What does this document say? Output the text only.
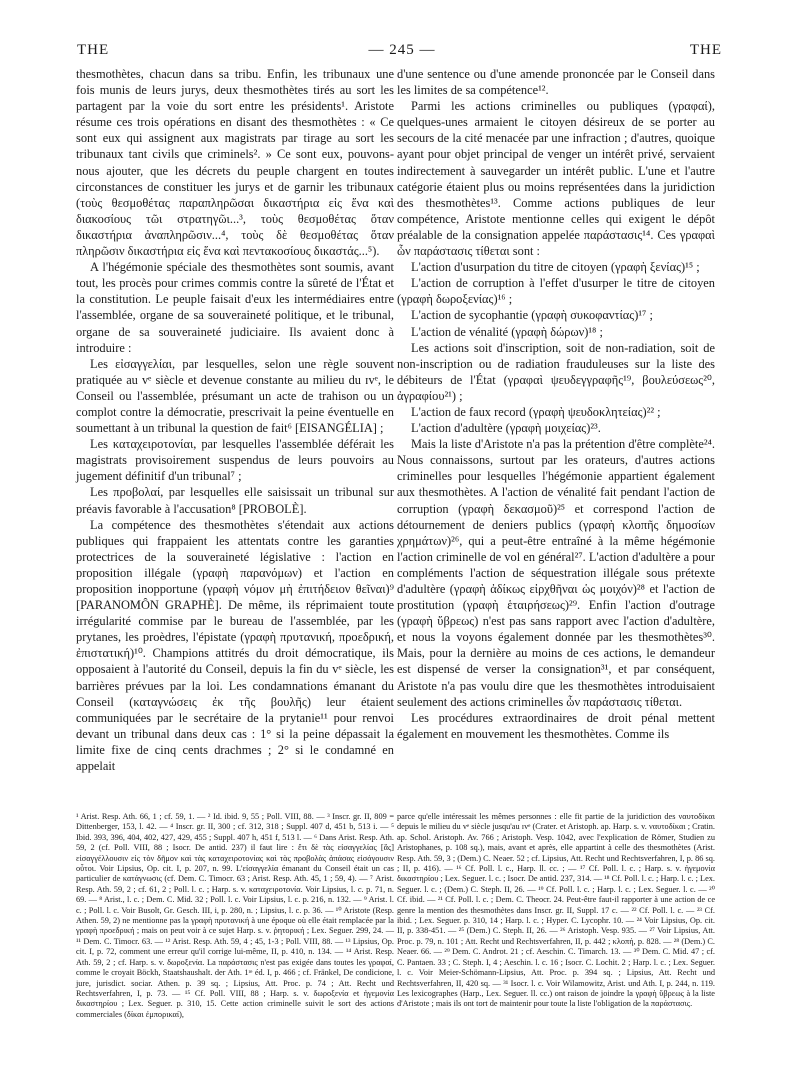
THE	— 245 —	THE

thesmothètes, chacun dans sa tribu. Enfin, les tribunaux une fois munis de leurs jurys, deux thesmothètes tirés au sort les partagent par la voie du sort entre les présidents¹. Aristote résume ces trois opérations en disant des thesmothètes : « Ce sont eux qui assignent aux magistrats par tirage au sort les tribunaux tant civils que criminels². » Ce sont eux, pouvons-nous ajouter, que les décrets du peuple chargent en toutes circonstances de constituer les jurys et de garnir les tribunaux (τοὺς θεσμοθέτας παραπληρῶσαι δικαστήρια εἰς ἕνα καὶ διακοσίους τῶι στρατηγῶι...³, τοὺς θεσμοθέτας ὅταν δικαστήρια ἀναπληρῶσιν...⁴, τοὺς δὲ θεσμοθέτας ὅταν πληρῶσιν δικαστήρια εἰς ἕνα καὶ πεντακοσίους δικαστάς...⁵).

A l'hégémonie spéciale des thesmothètes sont soumis, avant tout, les procès pour crimes commis contre la sûreté de l'État et la constitution. Le peuple faisait d'eux les intermédiaires entre l'assemblée, organe de sa souveraineté politique, et le tribunal, organe de sa souveraineté judiciaire. Ils avaient donc à introduire :

Les εἰσαγγελίαι, par lesquelles, selon une règle souvent pratiquée au vᵉ siècle et devenue constante au milieu du ɪᴠᵉ, le Conseil ou l'assemblée, présumant un acte de trahison ou un complot contre la démocratie, prescrivait la peine éventuelle en soumettant à un tribunal la question de fait⁶ [EISANGÉLIA] ;

Les καταχειροτονίαι, par lesquelles l'assemblée déférait les magistrats provisoirement suspendus de leurs pouvoirs au jugement définitif d'un tribunal⁷ ;

Les προβολαί, par lesquelles elle saisissait un tribunal sur préavis favorable à l'accusation⁸ [PROBOLÈ].

La compétence des thesmothètes s'étendait aux actions publiques qui frappaient les attentats contre les garanties protectrices de la souveraineté législative : l'action en proposition illégale (γραφὴ παρανόμων) et l'action en proposition inopportune (γραφὴ νόμον μὴ ἐπιτήδειον θεῖναι)⁹ [PARANOMÔN GRAPHÈ]. De même, ils réprimaient toute irrégularité commise par le bureau de l'assemblée, par les prytanes, les proèdres, l'épistate (γραφὴ πρυτανική, προεδρική, ἐπιστατική)¹⁰. Champions attitrés du droit démocratique, ils opposaient à l'autorité du Conseil, depuis la fin du vᵉ siècle, les barrières prévues par la loi. Les condamnations émanant du Conseil (καταγνώσεις ἐκ τῆς βουλῆς) leur étaient communiquées par le secrétaire de la prytanie¹¹ pour renvoi devant un tribunal dans deux cas : 1° si la peine dépassait la limite fixe de cinq cents drachmes ; 2° si le condamné en appelait

d'une sentence ou d'une amende prononcée par le Conseil dans les limites de sa compétence¹².

Parmi les actions criminelles ou publiques (γραφαί), quelques-unes armaient le citoyen désireux de se porter au secours de la cité menacée par une infraction ; d'autres, quoique ayant pour objet principal de venger un intérêt privé, servaient indirectement à sauvegarder un intérêt public. L'une et l'autre catégorie étaient plus ou moins représentées dans la juridiction des thesmothètes¹³. Comme actions publiques de leur compétence, Aristote mentionne celles qui exigent le dépôt préalable de la consignation appelée παράστασις¹⁴. Ces γραφαὶ ὧν παράστασις τίθεται sont :

L'action d'usurpation du titre de citoyen (γραφὴ ξενίας)¹⁵ ;

L'action de corruption à l'effet d'usurper le titre de citoyen (γραφὴ δωροξενίας)¹⁶ ;

L'action de sycophantie (γραφὴ συκοφαντίας)¹⁷ ;

L'action de vénalité (γραφὴ δώρων)¹⁸ ;

Les actions soit d'inscription, soit de non-radiation, soit de non-inscription ou de radiation frauduleuses sur la liste des débiteurs de l'État (γραφαὶ ψευδεγγραφῆς¹⁹, βουλεύσεως²⁰, ἀγραφίου²¹) ;

L'action de faux record (γραφὴ ψευδοκλητείας)²² ;

L'action d'adultère (γραφὴ μοιχείας)²³.

Mais la liste d'Aristote n'a pas la prétention d'être complète²⁴. Nous connaissons, surtout par les orateurs, d'autres actions criminelles pour lesquelles l'hégémonie appartient également aux thesmothètes. A l'action de vénalité fait pendant l'action de corruption (γραφὴ δεκασμοῦ)²⁵ et correspond l'action de détournement de deniers publics (γραφὴ κλοπῆς δημοσίων χρημάτων)²⁶, qui a peut-être entraîné à la même hégémonie l'action criminelle de vol en général²⁷. L'action d'adultère a pour compléments l'action de séquestration illégale sous prétexte d'adultère (γραφὴ ἀδίκως εἰρχθῆναι ὡς μοιχόν)²⁸ et l'action de prostitution (γραφὴ ἑταιρήσεως)²⁹. Enfin l'action d'outrage (γραφὴ ὕβρεως) n'est pas sans rapport avec l'action d'adultère, et nous la voyons également donnée par les thesmothètes³⁰. Mais, pour la dernière au moins de ces actions, le demandeur est dispensé de verser la consignation³¹, et par conséquent, Aristote n'a pas voulu dire que les thesmothètes introduisaient seulement des actions criminelles ὧν παράστασις τίθεται.

Les procédures extraordinaires de droit pénal mettent également en mouvement les thesmothètes. Comme ils

¹ Arist. Resp. Ath. 66, 1 ; cf. 59, 1. — ² Id. ibid. 9, 55 ; Poll. VIII, 88. — ³ Inscr. gr. II, 809 = Dittenberger, 153, l. 42. — ⁴ Inscr. gr. II, 300 ; cf. 312, 318 ; Suppl. 407 d, 451 b, 513 i. — ⁵ Ibid. 393, 396, 404, 402, 427, 429, 455 ; Suppl. 407 h, 451 f, 513 l. — ⁶ Dans Arist. Resp. Ath. 59, 2 (cf. Poll. VIII, 88 ; Isocr. De antid. 237) il faut lire : ἔτι δὲ τὰς εἰσαγγελίας [ἃς] εἰσαγγέλλουσιν εἰς τὸν δῆμον καὶ τὰς καταχειροτονίας καὶ τὰς προβολὰς ἁπάσας εἰσάγουσιν οὗτοι. Voir Lipsius, Op. cit. I, p. 207, n. 99. L'εἰσαγγελία émanant du Conseil était un cas particulier de κατάγνωσις (cf. Dem. C. Timocr. 63 ; Arist. Resp. Ath. 45, 1 ; 59, 4). — ⁷ Arist. Resp. Ath. 59, 2 ; cf. 61, 2 ; Poll. l. c. ; Harp. s. v. καταχειροτονία. Voir Lipsius, l. c. p. 71, n. 69. — ⁸ Arist., l. c. ; Dem. C. Mid. 32 ; Poll. l. c. Voir Lipsius, l. c. p. 216, n. 132. — ⁹ Arist. l. c. ; Poll. l. c. Voir Busolt, Gr. Gesch. III, i, p. 280, n. ; Lipsius, l. c. p. 36. — ¹⁰ Aristote (Resp. Athen. 59, 2) ne mentionne pas la γραφὴ πρυτανική à une époque où elle était remplacée par la γραφὴ προεδρική ; mais on peut voir à ce sujet Harp. s. v. ῥητορική ; Lex. Seguer. 299, 24. — ¹¹ Dem. C. Timocr. 63. — ¹² Arist. Resp. Ath. 59, 4 ; 45, 1-3 ; Poll. VIII, 88. — ¹³ Lipsius, Op. cit. I, p. 72, comment une erreur qu'il corrige lui-même, II, p. 410, n. 134. — ¹⁴ Arist. Resp. Ath. 59, 2 ; cf. Harp. s. v. δωροξενία. La παράστασις n'est pas exigée dans toutes les γραφαί, comme le croyait Böckh, Staatshaushalt. der Ath. 1ʳᵉ éd. I, p. 466 ; cf. Fränkel, De condicione, jure, jurisdict. sociar. Athen. p. 39 sq. ; Lipsius, Att. Proc. p. 74 ; Att. Recht und Rechtsverfahren, I, p. 73. — ¹⁵ Cf. Poll. VIII, 88 ; Harp. s. v. δωροξενία et ἡγεμονία δικαστηρίου ; Lex. Seguer. p. 310, 15. Cette action criminelle suivit le sort des actions commerciales (δίκαι ἐμπορικαί),

parce qu'elle intéressait les mêmes personnes : elle fit partie de la juridiction des ναυτοδίκαι depuis le milieu du vᵉ siècle jusqu'au ɪᴠᵉ (Crater. et Aristoph. ap. Harp. s. v. ναυτοδίκαι ; Cratin. ap. Schol. Aristoph. Av. 766 ; Aristoph. Vesp. 1042, avec l'explication de Römer, Studien zu Aristophanes, p. 108 sq.), mais, avant et après, elle appartint à celle des thesmothètes (Arist. Resp. Ath. 59, 3 ; (Dem.) C. Neaer. 52 ; cf. Lipsius, Att. Recht und Rechtsverfahren, I, p. 86 sq. ; II, p. 416). — ¹⁶ Cf. Poll. l. c., Harp. ll. cc. ; — ¹⁷ Cf. Poll. l. c. ; Harp. s. v. ἡγεμονία δικαστηρίου ; Lex. Seguer. l. c. ; Isocr. De antid. 237, 314. — ¹⁸ Cf. Poll. l. c. ; Harp. l. c. ; Lex. Seguer. l. c. ; (Dem.) C. Steph. II, 26. — ¹⁹ Cf. Poll. l. c. ; Harp. l. c. ; Lex. Seguer. l. c. — ²⁰ Cf. ibid. — ²¹ Cf. Poll. l. c. ; Dem. C. Theocr. 24. Peut-être faut-il rapporter à une action de ce genre la mention des thesmothètes dans Inscr. gr. II, Suppl. 17 c. — ²² Cf. Poll. l. c. — ²³ Cf. ibid. ; Lex. Seguer. p. 310, 14 ; Harp. l. c. ; Hyper. C. Lycophr. 10. — ²⁴ Voir Lipsius, Op. cit. II, p. 338-451. — ²⁵ (Dem.) C. Steph. II, 26. — ²⁶ Aristoph. Vesp. 935. — ²⁷ Voir Lipsius, Att. Proc. p. 79, n. 101 ; Att. Recht und Rechtsverfahren, II, p. 442 ; κλοπή, p. 828. — ²⁸ (Dem.) C. Neaer. 66. — ²⁹ Dem. C. Androt. 21 ; cf. Aeschin. C. Timarch. 13. — ³⁰ Dem. C. Mid. 47 ; cf. C. Pantaen. 33 ; C. Steph. I, 4 ; Aeschin. l. c. 16 ; Isocr. C. Lochit. 2 ; Harp. l. c. ; Lex. Seguer. l. c. Voir Meier-Schömann-Lipsius, Att. Proc. p. 394 sq. ; Lipsius, Att. Recht und Rechtsverfahren, II, 420 sq. — ³¹ Isocr. l. c. Voir Wilamowitz, Arist. und Ath. I, p. 244, n. 119. Les lexicographes (Harp., Lex. Seguer. ll. cc.) ont raison de joindre la γραφὴ ὕβρεως à la liste d'Aristote ; mais ils ont tort de maintenir pour toute la liste l'obligation de la παράστασις.
